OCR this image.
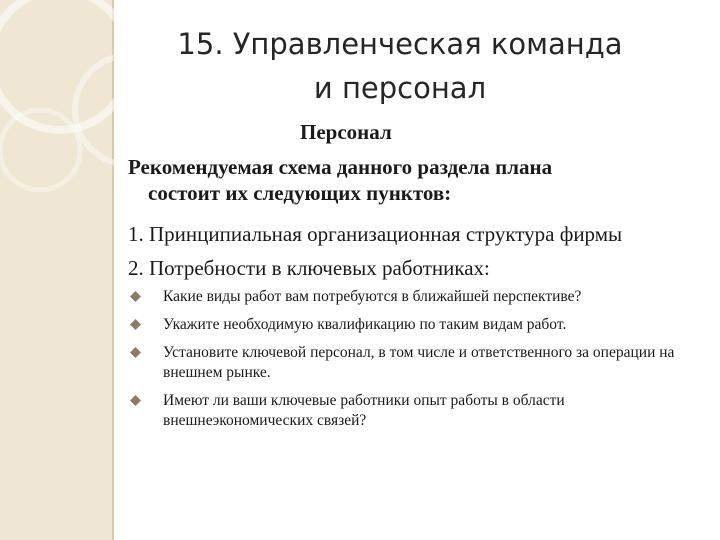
15. Управленческая команда
и персонал
Персонал
Рекомендуемая схема данного раздела плана
состоит их следующих пунктов:
1. Принципиальная организационная структура фирмы
2. Потребности в ключевых работниках:
Какие виды работ вам потребуются в ближайшей перспективе?
Укажите необходимую квалификацию по таким видам работ.
Установите ключевой персонал, в том числе и ответственного за операции на внешнем рынке.
Имеют ли ваши ключевые работники опыт работы в области внешнеэкономических связей?
